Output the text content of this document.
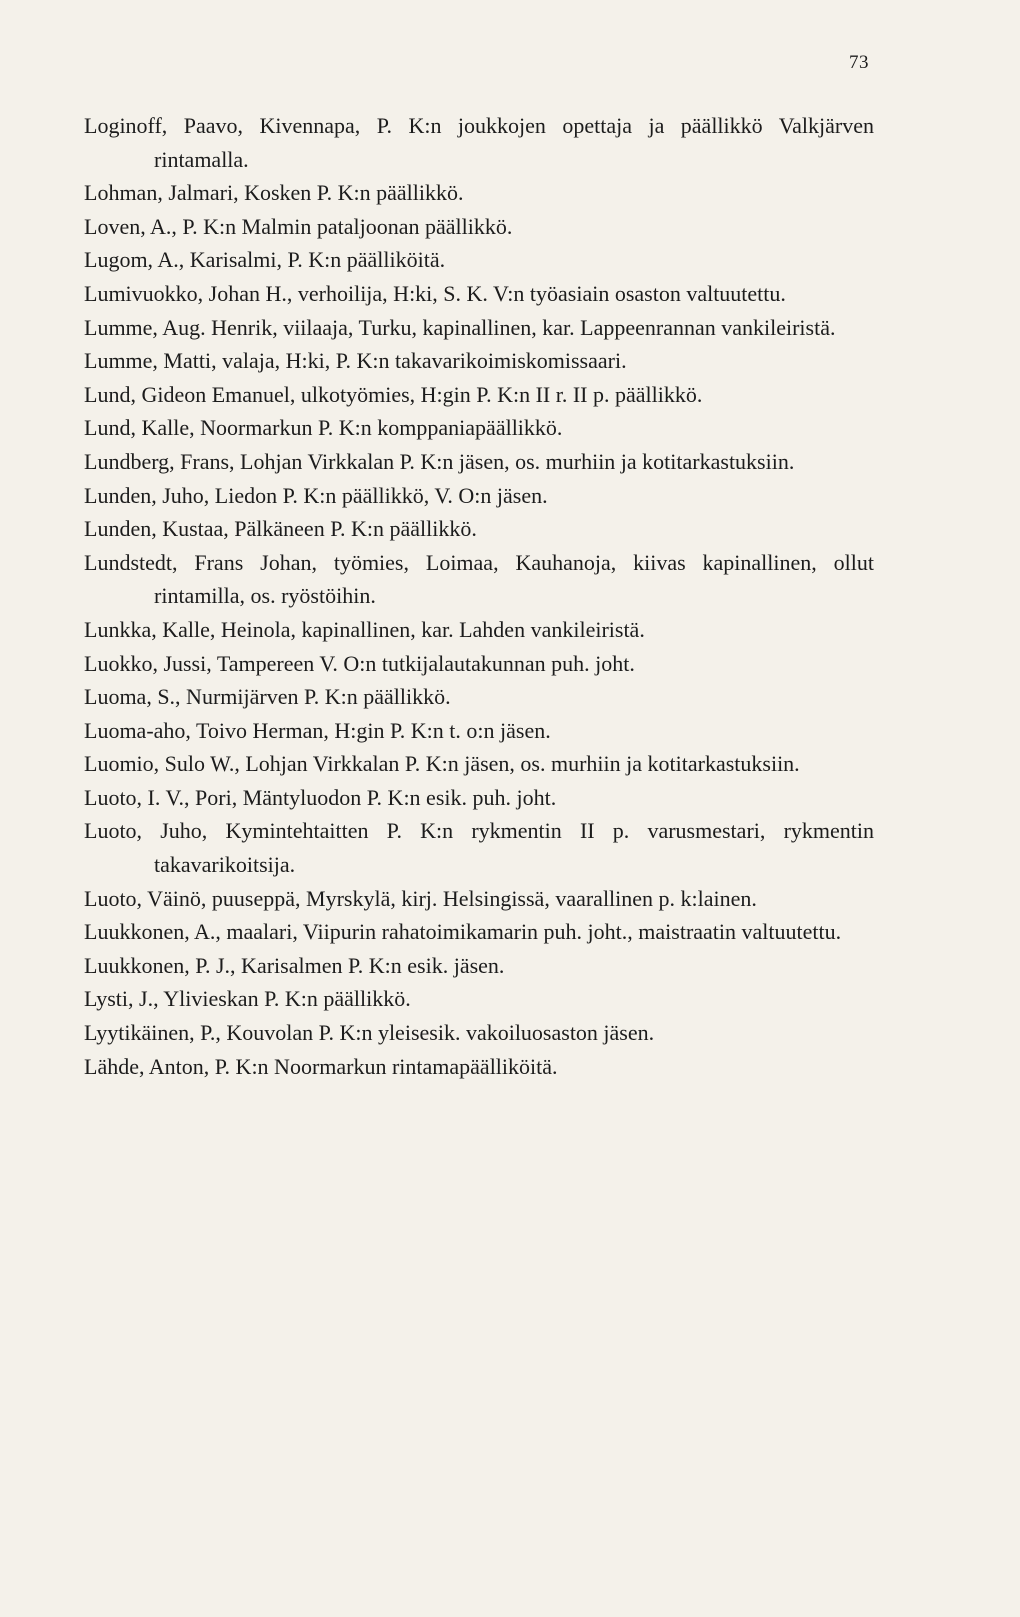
73

Loginoff, Paavo, Kivennapa, P. K:n joukkojen opettaja ja päällikkö Valkjärven rintamalla.

Lohman, Jalmari, Kosken P. K:n päällikkö.

Loven, A., P. K:n Malmin pataljoonan päällikkö.

Lugom, A., Karisalmi, P. K:n päälliköitä.

Lumivuokko, Johan H., verhoilija, H:ki, S. K. V:n työasiain osaston valtuutettu.

Lumme, Aug. Henrik, viilaaja, Turku, kapinallinen, kar. Lappeenrannan vankileiristä.

Lumme, Matti, valaja, H:ki, P. K:n takavarikoimiskomissaari.

Lund, Gideon Emanuel, ulkotyömies, H:gin P. K:n II r. II p. päällikkö.

Lund, Kalle, Noormarkun P. K:n komppaniapäällikkö.

Lundberg, Frans, Lohjan Virkkalan P. K:n jäsen, os. murhiin ja kotitarkastuksiin.

Lunden, Juho, Liedon P. K:n päällikkö, V. O:n jäsen.

Lunden, Kustaa, Pälkäneen P. K:n päällikkö.

Lundstedt, Frans Johan, työmies, Loimaa, Kauhanoja, kiivas kapinallinen, ollut rintamilla, os. ryöstöihin.

Lunkka, Kalle, Heinola, kapinallinen, kar. Lahden vankileiristä.

Luokko, Jussi, Tampereen V. O:n tutkijalautakunnan puh. joht.

Luoma, S., Nurmijärven P. K:n päällikkö.

Luoma-aho, Toivo Herman, H:gin P. K:n t. o:n jäsen.

Luomio, Sulo W., Lohjan Virkkalan P. K:n jäsen, os. murhiin ja kotitarkastuksiin.

Luoto, I. V., Pori, Mäntyluodon P. K:n esik. puh. joht.

Luoto, Juho, Kymintehtaitten P. K:n rykmentin II p. varusmestari, rykmentin takavarikoitsija.

Luoto, Väinö, puuseppä, Myrskylä, kirj. Helsingissä, vaarallinen p. k:lainen.

Luukkonen, A., maalari, Viipurin rahatoimikamarin puh. joht., maistraatin valtuutettu.

Luukkonen, P. J., Karisalmen P. K:n esik. jäsen.

Lysti, J., Ylivieskan P. K:n päällikkö.

Lyytikäinen, P., Kouvolan P. K:n yleisesik. vakoiluosaston jäsen.

Lähde, Anton, P. K:n Noormarkun rintamapäälliköitä.
